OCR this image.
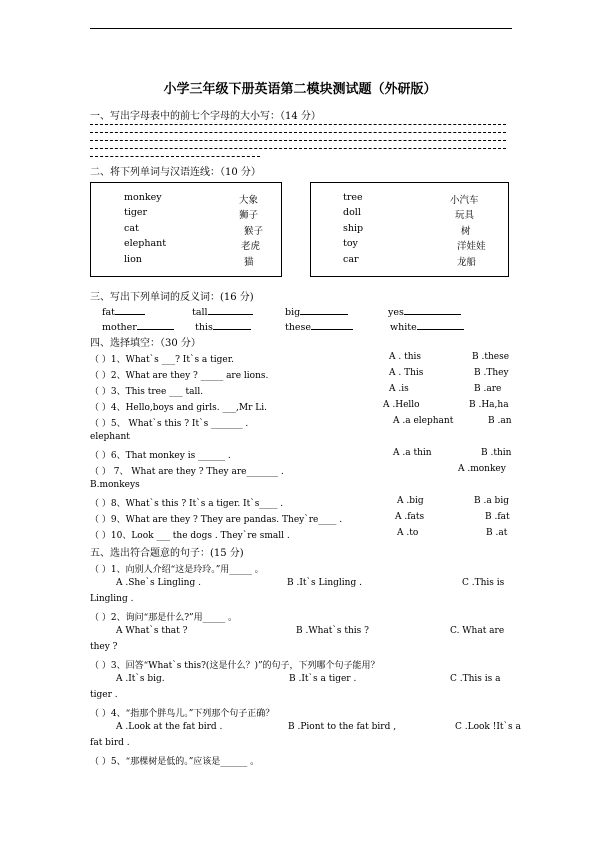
小学三年级下册英语第二模块测试题（外研版）
一、写出字母表中的前七个字母的大小写：（14 分）
二、将下列单词与汉语连线：（10 分）
monkey	大象
tiger	狮子
cat	猴子
elephant	老虎
lion	猫
tree	小汽车
doll	玩具
ship	树
toy	洋娃娃
car	龙船
三、写出下列单词的反义词：(16 分)
fat	tall	big	yes
mother	this	these	white
四、选择填空：（30 分）
（ ）1、What`s ___? It`s a tiger.	A . this	B .these
（ ）2、What are they ? _____ are lions.	A . This	B .They
（ ）3、This tree ___ tall.	A .is	B .are
（ ）4、Hello,boys and girls. ___,Mr Li.	A .Hello	B .Ha,ha
（ ）5、 What`s this ? It`s _______ .	A .a elephant	B .an
elephant
（ ）6、That monkey is ______ .	A .a thin	B .thin
（ ） 7、 What are they ? They are_______ .	A .monkey
B.monkeys
（ ）8、What`s this ? It`s a tiger. It`s____ .	A .big	B .a big
（ ）9、What are they ? They are pandas. They`re____ .	A .fats	B .fat
（ ）10、Look ___ the dogs . They`re small .	A .to	B .at
五、选出符合题意的句子：(15 分)
（ ）1、向别人介绍“这是玲玲。”用_____ 。
A .She`s Lingling .	B .It`s Lingling .	C .This is
Lingling .
（ ）2、询问“那是什么?”用_____ 。
A What`s that ?	B .What`s this ?	C. What are
they ?
（ ）3、回答“What`s this?(这是什么？)”的句子，下列哪个句子能用？
A .It`s big.	B .It`s a tiger .	C .This is a
tiger .
（ ）4、“指那个胖鸟儿。”下列那个句子正确？
A .Look at the fat bird .	B .Piont to the fat bird ,	C .Look !It`s a
fat bird .
（ ）5、“那棵树是低的。”应该是______ 。
